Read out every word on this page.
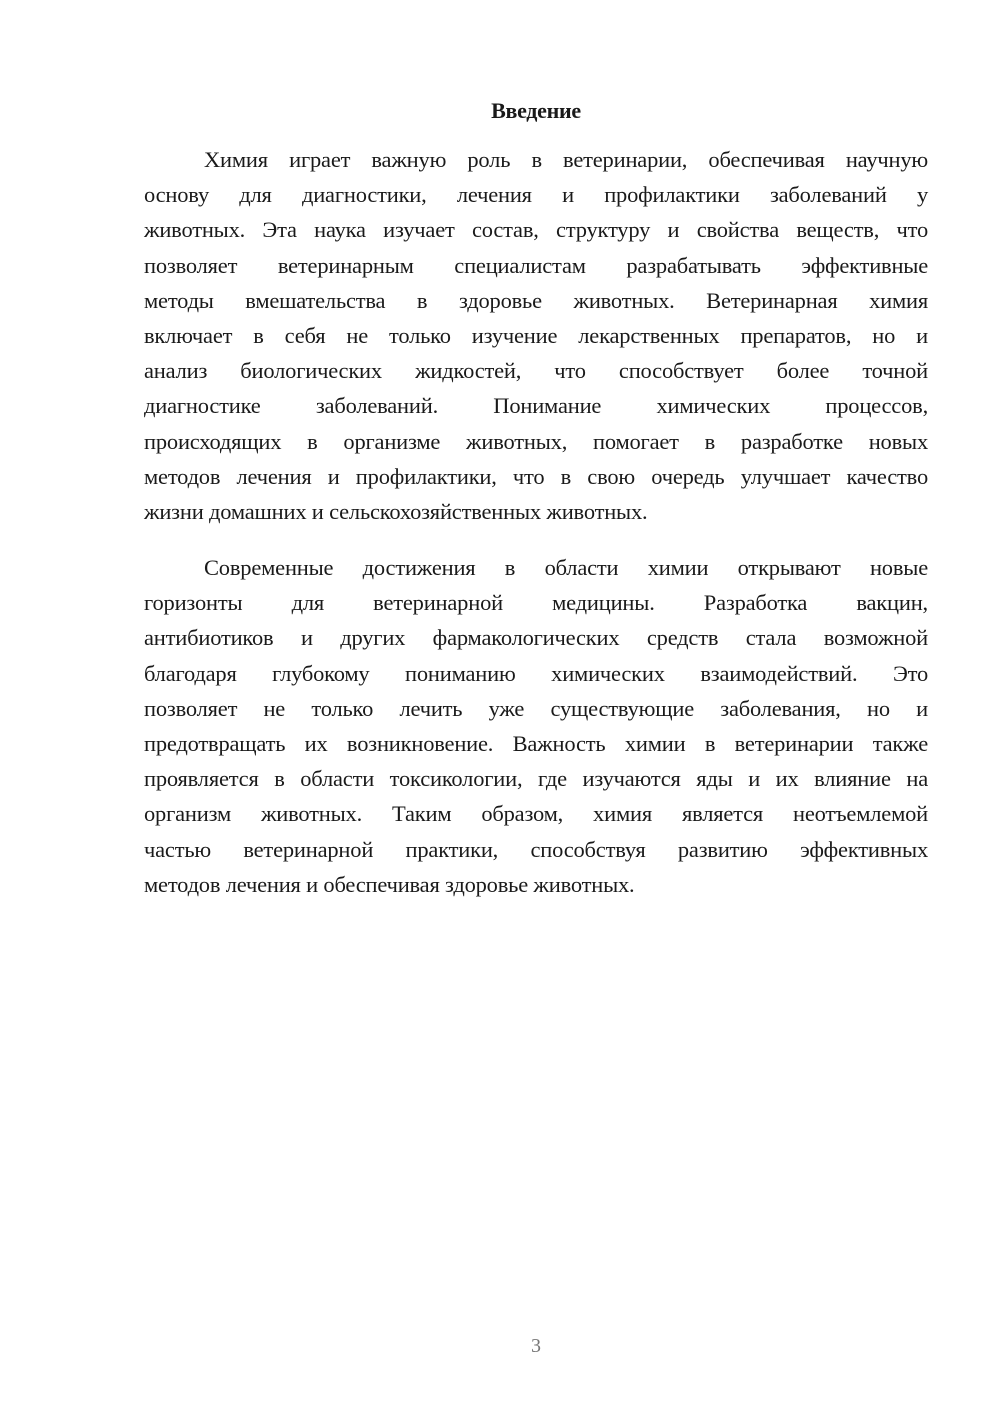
Введение
Химия играет важную роль в ветеринарии, обеспечивая научную
основу для диагностики, лечения и профилактики заболеваний у
животных. Эта наука изучает состав, структуру и свойства веществ, что
позволяет ветеринарным специалистам разрабатывать эффективные
методы вмешательства в здоровье животных. Ветеринарная химия
включает в себя не только изучение лекарственных препаратов, но и
анализ биологических жидкостей, что способствует более точной
диагностике заболеваний. Понимание химических процессов,
происходящих в организме животных, помогает в разработке новых
методов лечения и профилактики, что в свою очередь улучшает качество
жизни домашних и сельскохозяйственных животных.
Современные достижения в области химии открывают новые
горизонты для ветеринарной медицины. Разработка вакцин,
антибиотиков и других фармакологических средств стала возможной
благодаря глубокому пониманию химических взаимодействий. Это
позволяет не только лечить уже существующие заболевания, но и
предотвращать их возникновение. Важность химии в ветеринарии также
проявляется в области токсикологии, где изучаются яды и их влияние на
организм животных. Таким образом, химия является неотъемлемой
частью ветеринарной практики, способствуя развитию эффективных
методов лечения и обеспечивая здоровье животных.
3
